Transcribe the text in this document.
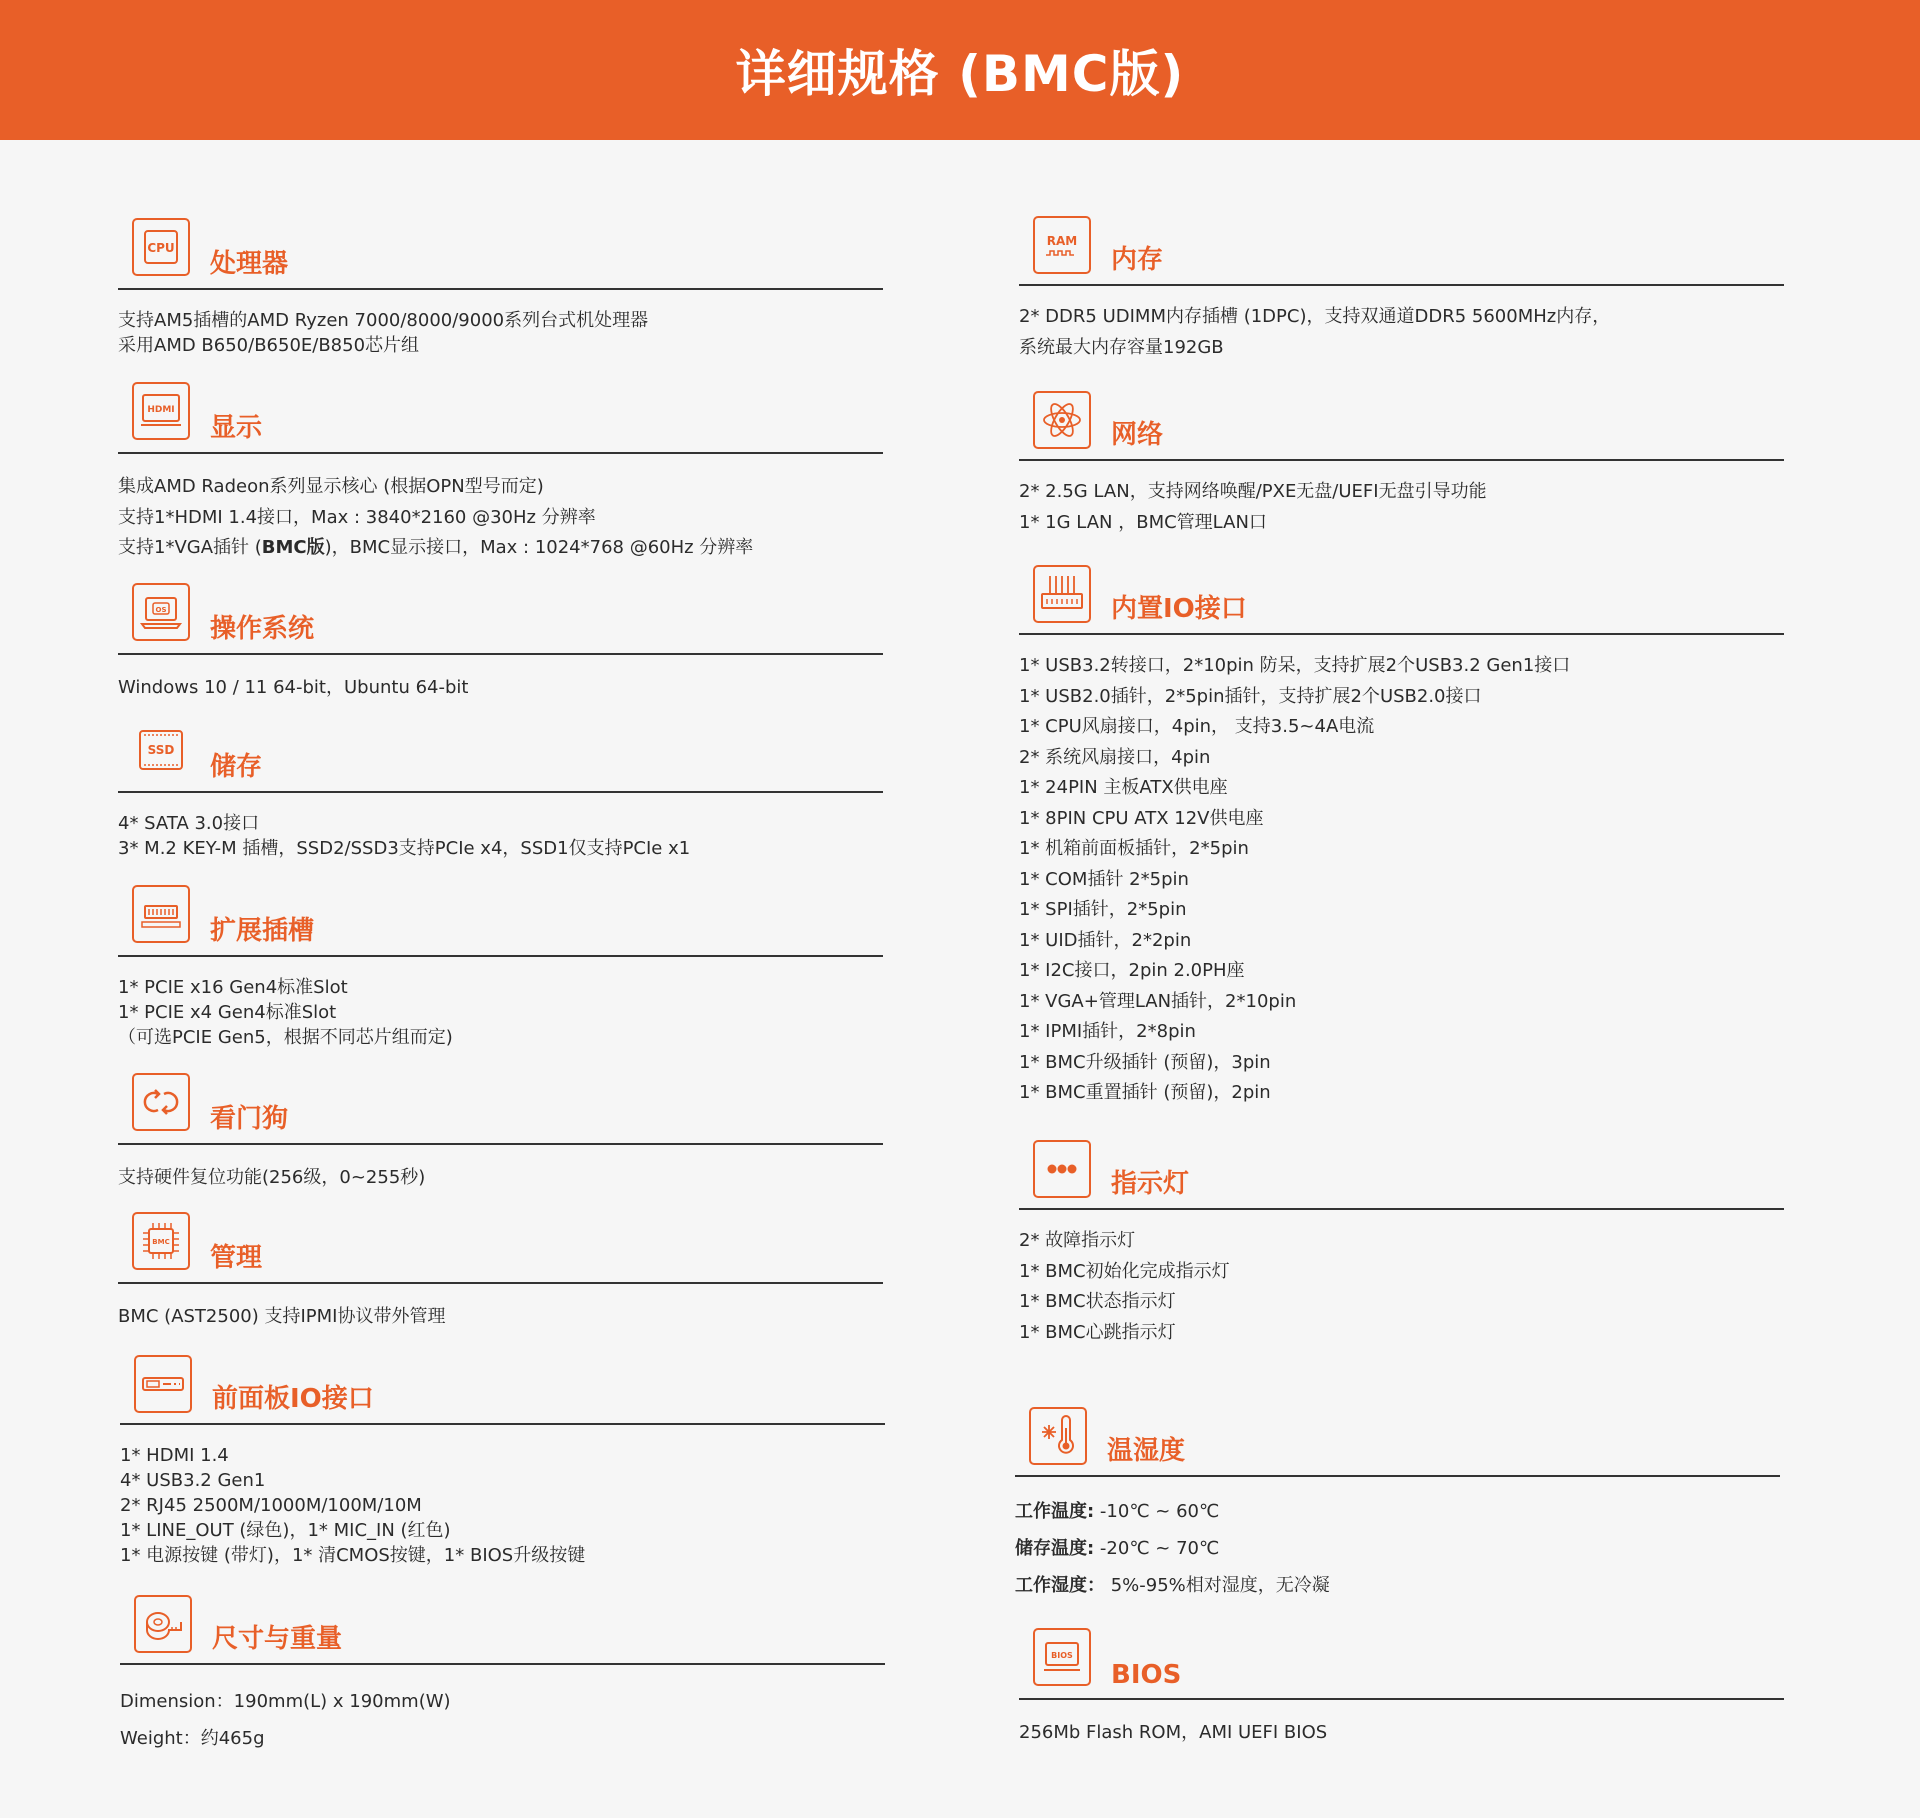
详细规格 (BMC版)
CPU
处理器

支持AM5插槽的AMD Ryzen 7000/8000/9000系列台式机处理器

采用AMD B650/B650E/B850芯片组

HDMI
显示

集成AMD Radeon系列显示核心 (根据OPN型号而定)

支持1*HDMI 1.4接口，Max : 3840*2160 @30Hz 分辨率

支持1*VGA插针 (BMC版)，BMC显示接口，Max : 1024*768 @60Hz 分辨率

OS
操作系统

Windows 10 / 11 64-bit，Ubuntu 64-bit

SSD
储存

4* SATA 3.0接口

3* M.2 KEY-M 插槽，SSD2/SSD3支持PCIe x4，SSD1仅支持PCIe x1

扩展插槽

1* PCIE x16 Gen4标准Slot

1* PCIE x4 Gen4标准Slot

（可选PCIE Gen5，根据不同芯片组而定)

看门狗

支持硬件复位功能(256级，0~255秒)

BMC
管理

BMC (AST2500) 支持IPMI协议带外管理

前面板IO接口

1* HDMI 1.4

4* USB3.2 Gen1

2* RJ45 2500M/1000M/100M/10M

1* LINE_OUT (绿色)，1* MIC_IN (红色)

1* 电源按键 (带灯)，1* 清CMOS按键，1* BIOS升级按键

尺寸与重量

Dimension：190mm(L) x 190mm(W)

Weight：约465g

RAM
内存

2* DDR5 UDIMM内存插槽 (1DPC)，支持双通道DDR5 5600MHz内存，

系统最大内存容量192GB

网络

2* 2.5G LAN，支持网络唤醒/PXE无盘/UEFI无盘引导功能

1* 1G LAN ，BMC管理LAN口

内置IO接口

1* USB3.2转接口，2*10pin 防呆，支持扩展2个USB3.2 Gen1接口

1* USB2.0插针，2*5pin插针，支持扩展2个USB2.0接口

1* CPU风扇接口，4pin， 支持3.5~4A电流

2* 系统风扇接口，4pin

1* 24PIN 主板ATX供电座

1* 8PIN CPU ATX 12V供电座

1* 机箱前面板插针，2*5pin

1* COM插针 2*5pin

1* SPI插针，2*5pin

1* UID插针，2*2pin

1* I2C接口，2pin 2.0PH座

1* VGA+管理LAN插针，2*10pin

1* IPMI插针，2*8pin

1* BMC升级插针 (预留)，3pin

1* BMC重置插针 (预留)，2pin

指示灯

2* 故障指示灯

1* BMC初始化完成指示灯

1* BMC状态指示灯

1* BMC心跳指示灯

温湿度

工作温度: -10℃ ~ 60℃

储存温度: -20℃ ~ 70℃

工作湿度： 5%-95%相对湿度，无冷凝

BIOS
BIOS

256Mb Flash ROM，AMI UEFI BIOS
